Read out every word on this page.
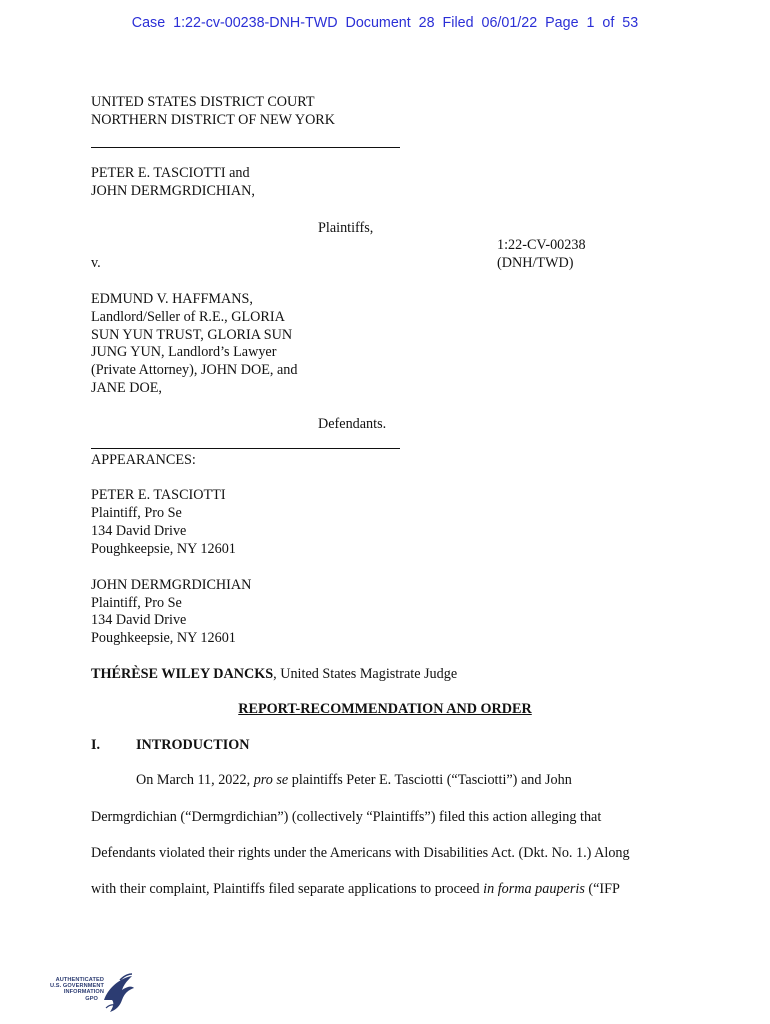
Case 1:22-cv-00238-DNH-TWD Document 28 Filed 06/01/22 Page 1 of 53
UNITED STATES DISTRICT COURT
NORTHERN DISTRICT OF NEW YORK
PETER E. TASCIOTTI and
JOHN DERMGRDICHIAN,
Plaintiffs,
1:22-CV-00238
(DNH/TWD)
v.
EDMUND V. HAFFMANS,
Landlord/Seller of R.E., GLORIA
SUN YUN TRUST, GLORIA SUN
JUNG YUN, Landlord’s Lawyer
(Private Attorney), JOHN DOE, and
JANE DOE,
Defendants.
APPEARANCES:
PETER E. TASCIOTTI
Plaintiff, Pro Se
134 David Drive
Poughkeepsie, NY 12601
JOHN DERMGRDICHIAN
Plaintiff, Pro Se
134 David Drive
Poughkeepsie, NY 12601
THÉRÈSE WILEY DANCKS, United States Magistrate Judge
REPORT-RECOMMENDATION AND ORDER
I.	INTRODUCTION
On March 11, 2022, pro se plaintiffs Peter E. Tasciotti (“Tasciotti”) and John
Dermgrdichian (“Dermgrdichian”) (collectively “Plaintiffs”) filed this action alleging that
Defendants violated their rights under the Americans with Disabilities Act. (Dkt. No. 1.) Along
with their complaint, Plaintiffs filed separate applications to proceed in forma pauperis (“IFP
AUTHENTICATED
U.S. GOVERNMENT
INFORMATION
GPO
